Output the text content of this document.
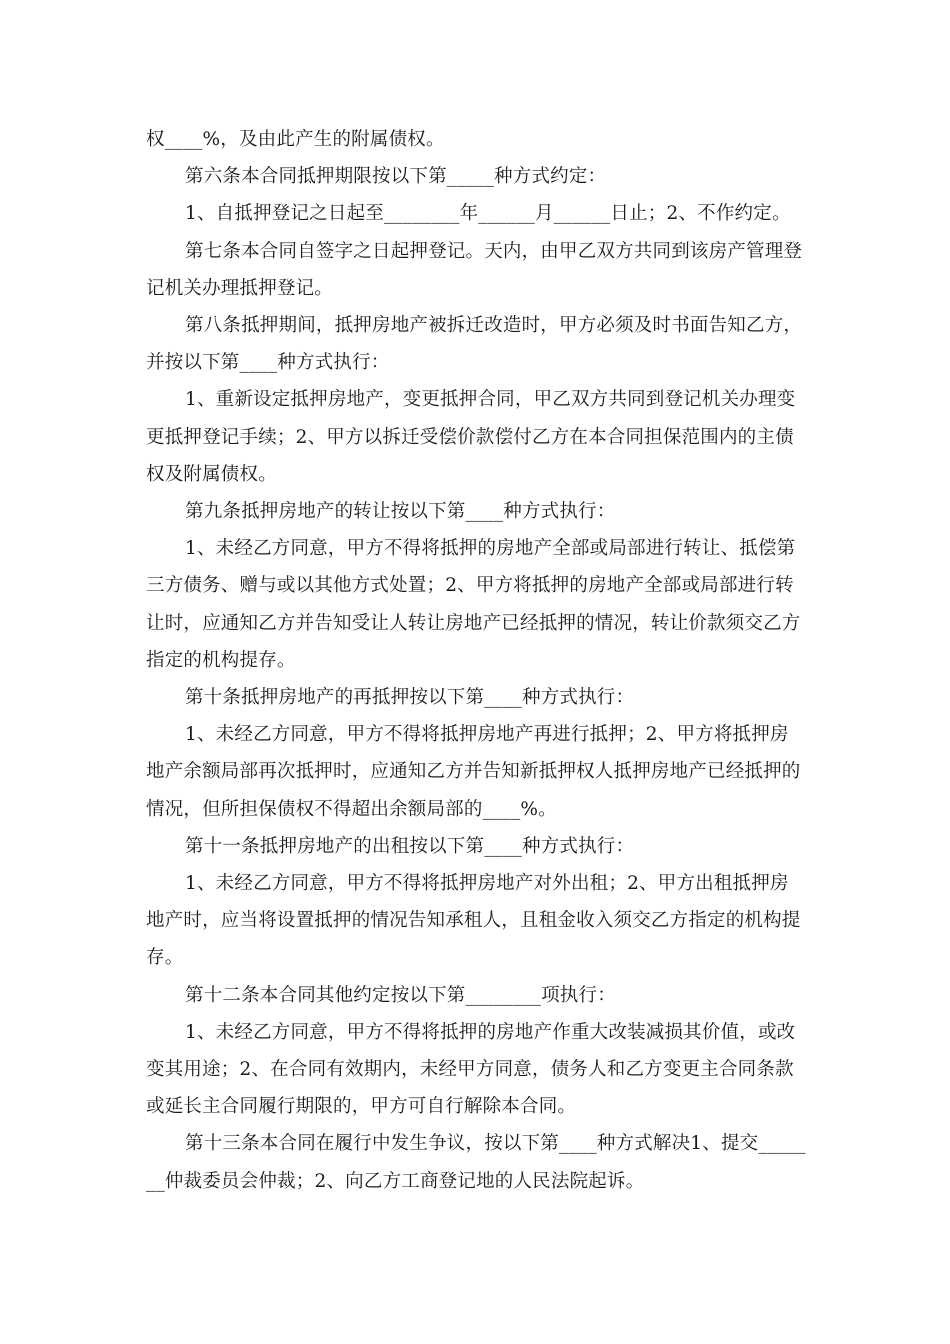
权____%，及由此产生的附属债权。

第六条本合同抵押期限按以下第_____种方式约定：

1、自抵押登记之日起至________年______月______日止；2、不作约定。

第七条本合同自签字之日起押登记。天内，由甲乙双方共同到该房产管理登记机关办理抵押登记。

第八条抵押期间，抵押房地产被拆迁改造时，甲方必须及时书面告知乙方，并按以下第____种方式执行：

1、重新设定抵押房地产，变更抵押合同，甲乙双方共同到登记机关办理变更抵押登记手续；2、甲方以拆迁受偿价款偿付乙方在本合同担保范围内的主债权及附属债权。

第九条抵押房地产的转让按以下第____种方式执行：

1、未经乙方同意，甲方不得将抵押的房地产全部或局部进行转让、抵偿第三方债务、赠与或以其他方式处置；2、甲方将抵押的房地产全部或局部进行转让时，应通知乙方并告知受让人转让房地产已经抵押的情况，转让价款须交乙方指定的机构提存。

第十条抵押房地产的再抵押按以下第____种方式执行：

1、未经乙方同意，甲方不得将抵押房地产再进行抵押；2、甲方将抵押房地产余额局部再次抵押时，应通知乙方并告知新抵押权人抵押房地产已经抵押的情况，但所担保债权不得超出余额局部的____%。

第十一条抵押房地产的出租按以下第____种方式执行：

1、未经乙方同意，甲方不得将抵押房地产对外出租；2、甲方出租抵押房地产时，应当将设置抵押的情况告知承租人，且租金收入须交乙方指定的机构提存。

第十二条本合同其他约定按以下第________项执行：

1、未经乙方同意，甲方不得将抵押的房地产作重大改装减损其价值，或改变其用途；2、在合同有效期内，未经甲方同意，债务人和乙方变更主合同条款或延长主合同履行期限的，甲方可自行解除本合同。

第十三条本合同在履行中发生争议，按以下第____种方式解决1、提交_______仲裁委员会仲裁；2、向乙方工商登记地的人民法院起诉。
